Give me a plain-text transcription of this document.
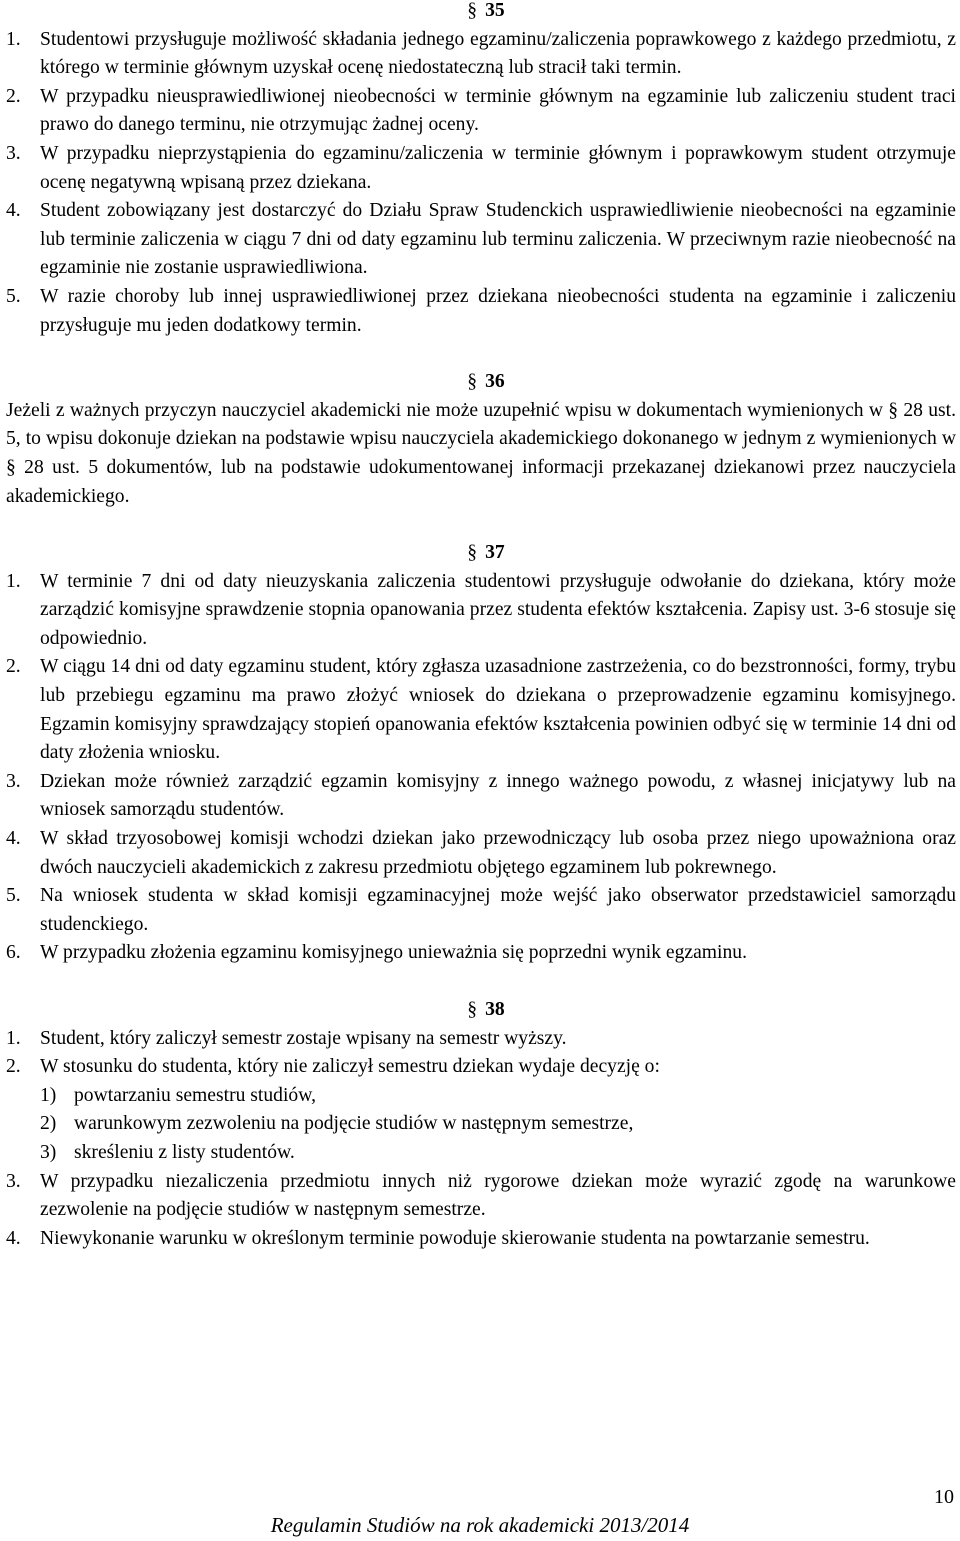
§ 35
1. Studentowi przysługuje możliwość składania jednego egzaminu/zaliczenia poprawkowego z każdego przedmiotu, z którego w terminie głównym uzyskał ocenę niedostateczną lub stracił taki termin.
2. W przypadku nieusprawiedliwionej nieobecności w terminie głównym na egzaminie lub zaliczeniu student traci prawo do danego terminu, nie otrzymując żadnej oceny.
3. W przypadku nieprzystąpienia do egzaminu/zaliczenia w terminie głównym i poprawkowym student otrzymuje ocenę negatywną wpisaną przez dziekana.
4. Student zobowiązany jest dostarczyć do Działu Spraw Studenckich usprawiedliwienie nieobecności na egzaminie lub terminie zaliczenia w ciągu 7 dni od daty egzaminu lub terminu zaliczenia. W przeciwnym razie nieobecność na egzaminie nie zostanie usprawiedliwiona.
5. W razie choroby lub innej usprawiedliwionej przez dziekana nieobecności studenta na egzaminie i zaliczeniu przysługuje mu jeden dodatkowy termin.
§ 36

Jeżeli z ważnych przyczyn nauczyciel akademicki nie może uzupełnić wpisu w dokumentach wymienionych w § 28 ust. 5, to wpisu dokonuje dziekan na podstawie wpisu nauczyciela akademickiego dokonanego w jednym z wymienionych w § 28 ust. 5 dokumentów, lub na podstawie udokumentowanej informacji przekazanej dziekanowi przez nauczyciela akademickiego.

§ 37
1. W terminie 7 dni od daty nieuzyskania zaliczenia studentowi przysługuje odwołanie do dziekana, który może zarządzić komisyjne sprawdzenie stopnia opanowania przez studenta efektów kształcenia. Zapisy ust. 3-6 stosuje się odpowiednio.
2. W ciągu 14 dni od daty egzaminu student, który zgłasza uzasadnione zastrzeżenia, co do bezstronności, formy, trybu lub przebiegu egzaminu ma prawo złożyć wniosek do dziekana o przeprowadzenie egzaminu komisyjnego. Egzamin komisyjny sprawdzający stopień opanowania efektów kształcenia powinien odbyć się w terminie 14 dni od daty złożenia wniosku.
3. Dziekan może również zarządzić egzamin komisyjny z innego ważnego powodu, z własnej inicjatywy lub na wniosek samorządu studentów.
4. W skład trzyosobowej komisji wchodzi dziekan jako przewodniczący lub osoba przez niego upoważniona oraz dwóch nauczycieli akademickich z zakresu przedmiotu objętego egzaminem lub pokrewnego.
5. Na wniosek studenta w skład komisji egzaminacyjnej może wejść jako obserwator przedstawiciel samorządu studenckiego.
6. W przypadku złożenia egzaminu komisyjnego unieważnia się poprzedni wynik egzaminu.
§ 38
1. Student, który zaliczył semestr zostaje wpisany na semestr wyższy.
2. W stosunku do studenta, który nie zaliczył semestru dziekan wydaje decyzję o:
1) powtarzaniu semestru studiów,
2) warunkowym zezwoleniu na podjęcie studiów w następnym semestrze,
3) skreśleniu z listy studentów.
3. W przypadku niezaliczenia przedmiotu innych niż rygorowe dziekan może wyrazić zgodę na warunkowe zezwolenie na podjęcie studiów w następnym semestrze.
4. Niewykonanie warunku w określonym terminie powoduje skierowanie studenta na powtarzanie semestru.
10
Regulamin Studiów na rok akademicki 2013/2014
